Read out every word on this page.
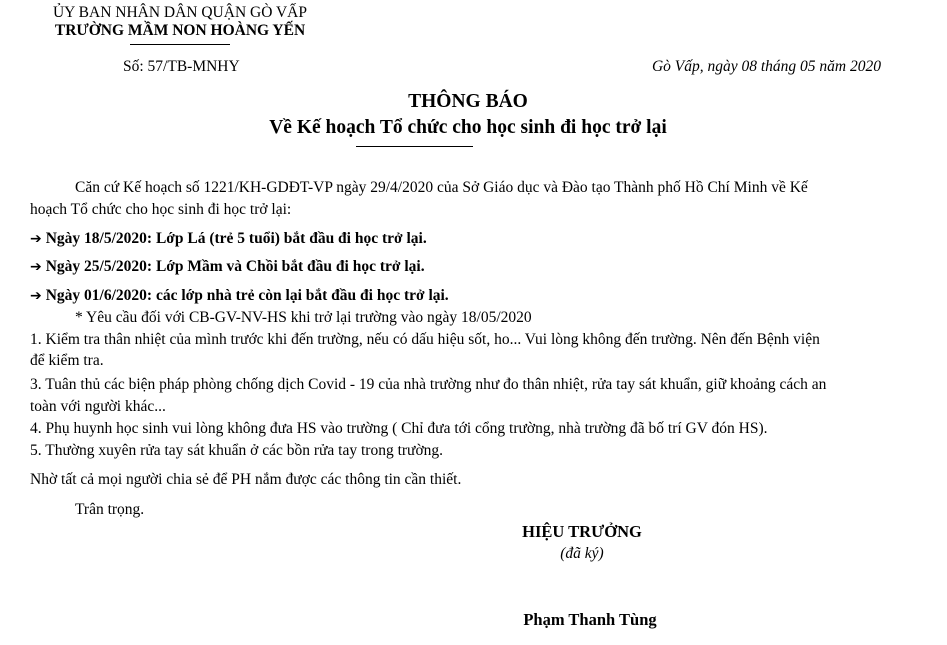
ỦY BAN NHÂN DÂN QUẬN GÒ VẤP
TRƯỜNG MẦM NON HOÀNG YẾN
Số: 57/TB-MNHY	Gò Vấp, ngày 08 tháng 05 năm 2020
THÔNG BÁO
Về Kế hoạch Tổ chức cho học sinh đi học trở lại
Căn cứ Kế hoạch số 1221/KH-GDĐT-VP ngày 29/4/2020 của Sở Giáo dục và Đào tạo Thành phố Hồ Chí Minh về Kế
hoạch Tổ chức cho học sinh đi học trở lại:
➔ Ngày 18/5/2020: Lớp Lá (trẻ 5 tuổi) bắt đầu đi học trở lại.
➔ Ngày 25/5/2020: Lớp Mầm và Chồi bắt đầu đi học trở lại.
➔ Ngày 01/6/2020: các lớp nhà trẻ còn lại bắt đầu đi học trở lại.
* Yêu cầu đối với CB-GV-NV-HS khi trở lại trường vào ngày 18/05/2020
1. Kiểm tra thân nhiệt của mình trước khi đến trường, nếu có dấu hiệu sốt, ho... Vui lòng không đến trường. Nên đến Bệnh viện
để kiểm tra.
3. Tuân thủ các biện pháp phòng chống dịch Covid - 19 của nhà trường như đo thân nhiệt, rửa tay sát khuẩn, giữ khoảng cách an
toàn với người khác...
4. Phụ huynh học sinh vui lòng không đưa HS vào trường ( Chỉ đưa tới cổng trường, nhà trường đã bố trí GV đón HS).
5. Thường xuyên rửa tay sát khuẩn ở các bồn rửa tay trong trường.
Nhờ tất cả mọi người chia sẻ để PH nắm được các thông tin cần thiết.
Trân trọng.
HIỆU TRƯỞNG
(đã ký)
Phạm Thanh Tùng
